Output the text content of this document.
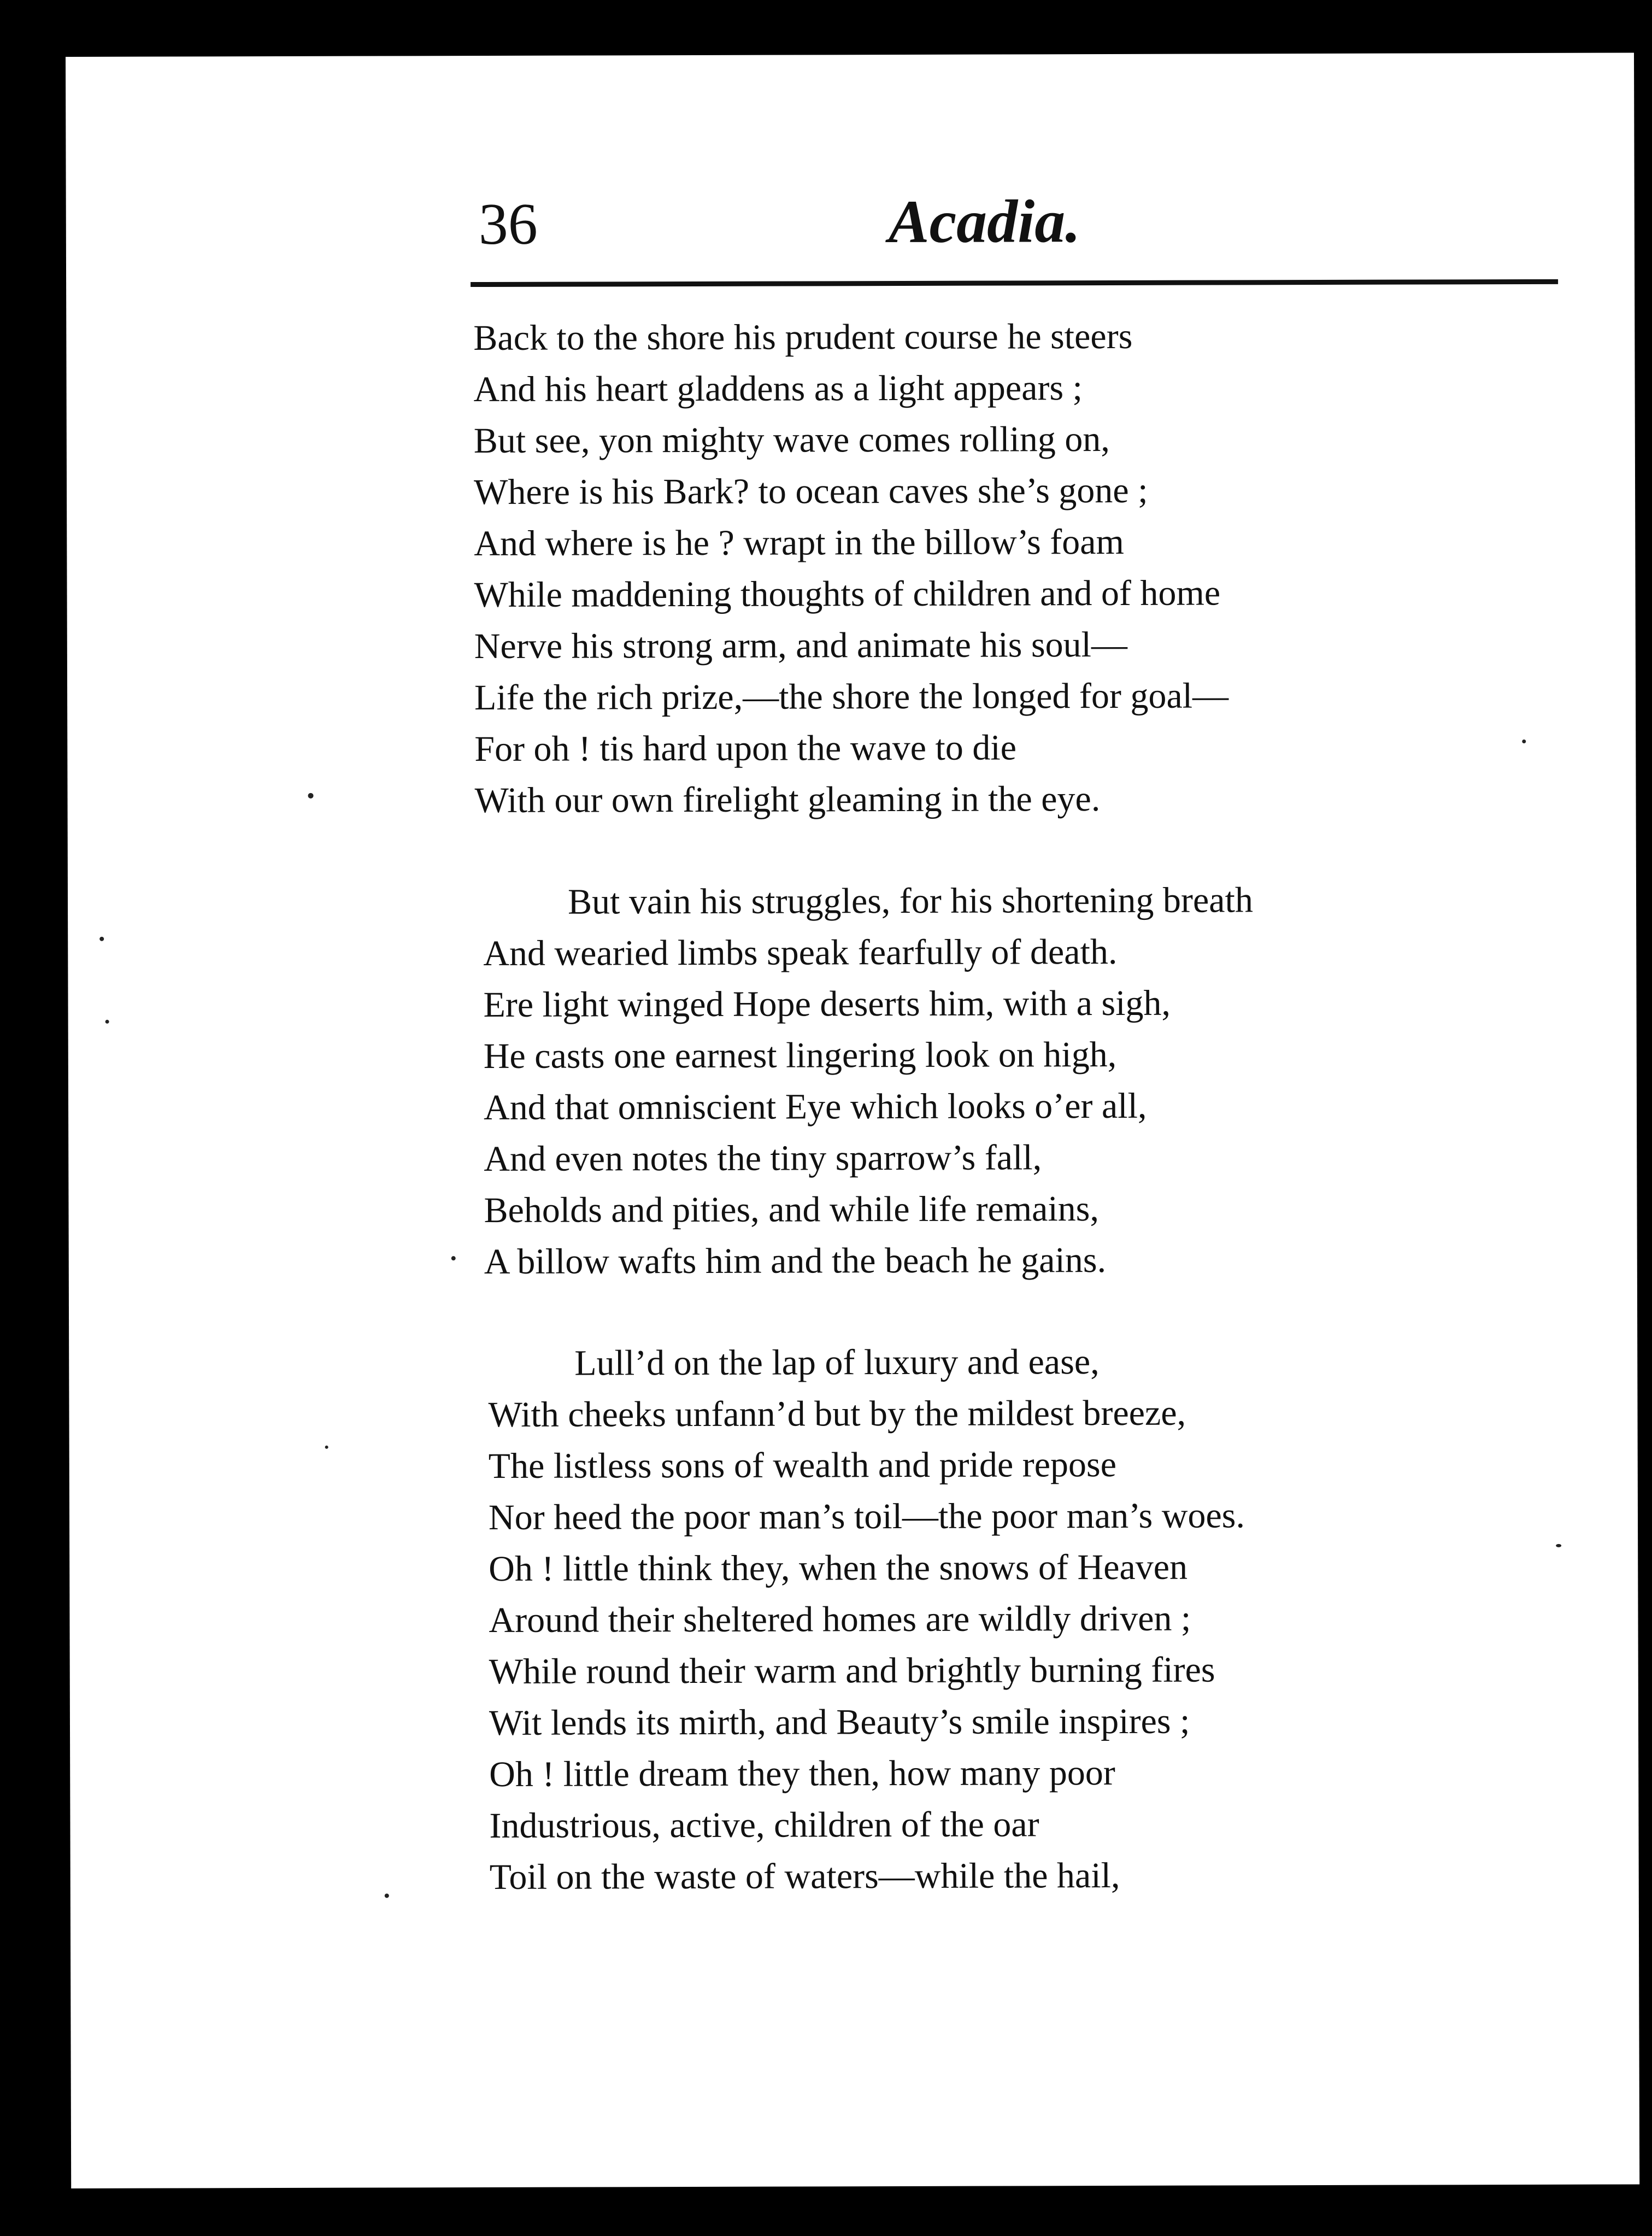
36	Acadia.
Back to the shore his prudent course he steers
And his heart gladdens as a light appears ;
But see, yon mighty wave comes rolling on,
Where is his Bark? to ocean caves she’s gone ;
And where is he ? wrapt in the billow’s foam
While maddening thoughts of children and of home
Nerve his strong arm, and animate his soul—
Life the rich prize,—the shore the longed for goal—
For oh ! tis hard upon the wave to die
With our own firelight gleaming in the eye.
But vain his struggles, for his shortening breath
And wearied limbs speak fearfully of death.
Ere light winged Hope deserts him, with a sigh,
He casts one earnest lingering look on high,
And that omniscient Eye which looks o’er all,
And even notes the tiny sparrow’s fall,
Beholds and pities, and while life remains,
A billow wafts him and the beach he gains.
Lull’d on the lap of luxury and ease,
With cheeks unfann’d but by the mildest breeze,
The listless sons of wealth and pride repose
Nor heed the poor man’s toil—the poor man’s woes.
Oh ! little think they, when the snows of Heaven
Around their sheltered homes are wildly driven ;
While round their warm and brightly burning fires
Wit lends its mirth, and Beauty’s smile inspires ;
Oh ! little dream they then, how many poor
Industrious, active, children of the oar
Toil on the waste of waters—while the hail,
